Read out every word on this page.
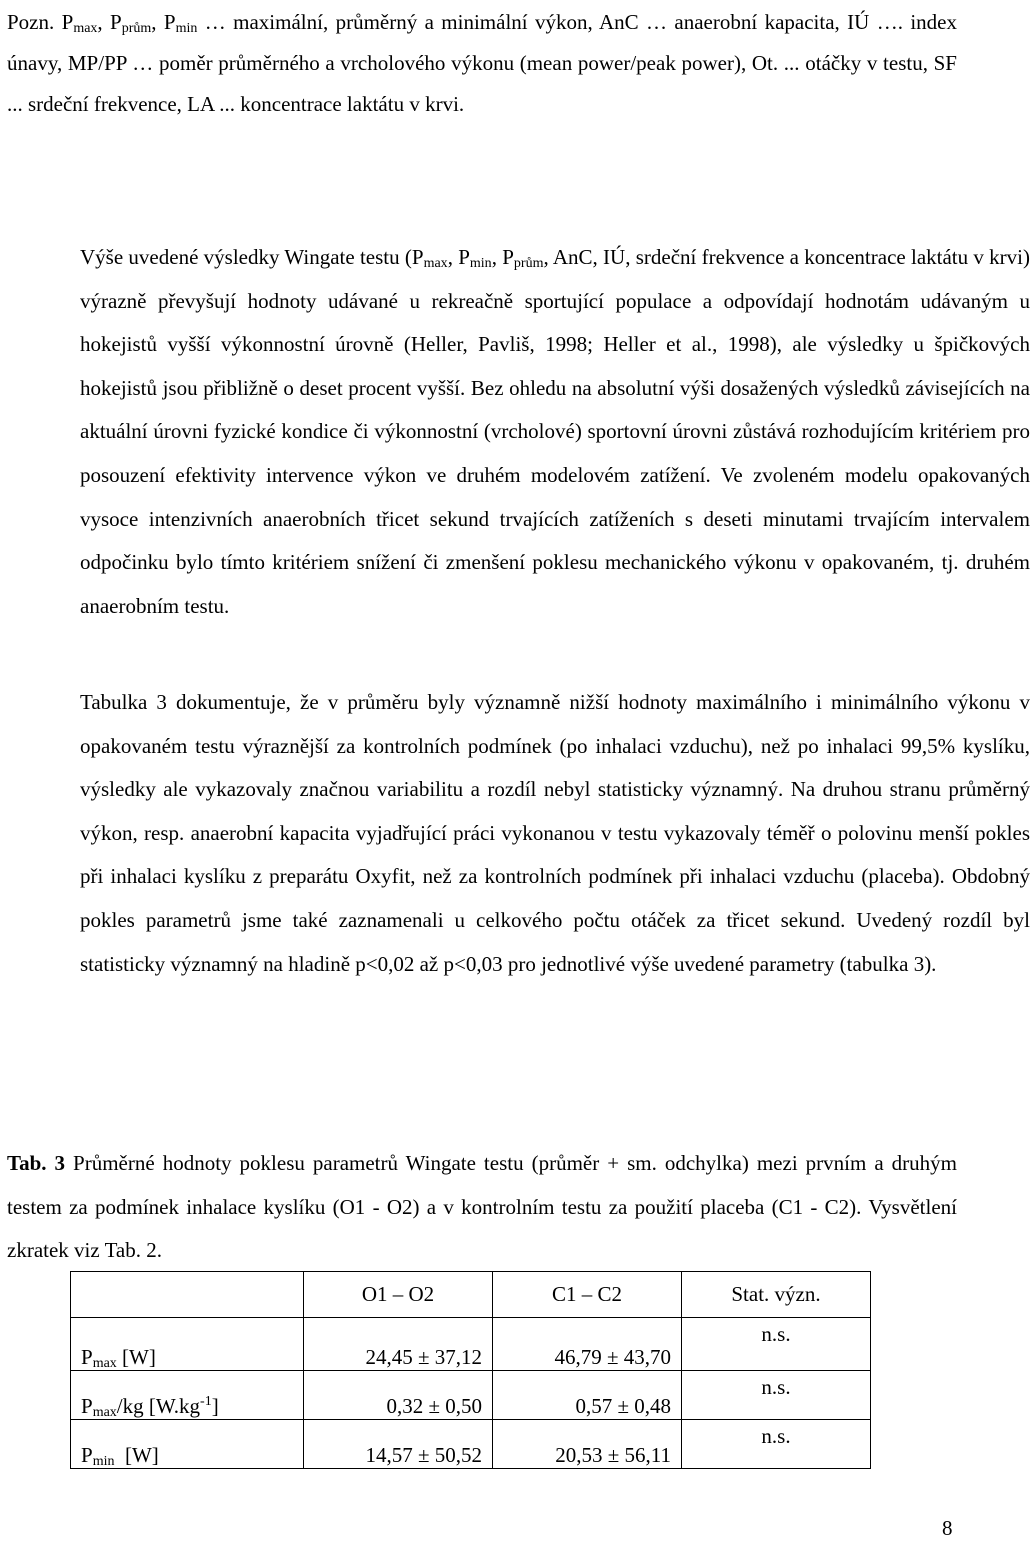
Pozn. $P_{max}$, $P_{prům}$, $P_{min}$ … maximální, průměrný a minimální výkon, AnC … anaerobní kapacita, IÚ …. index únavy, MP/PP … poměr průměrného a vrcholového výkonu (mean power/peak power), Ot. ... otáčky v testu, SF ... srdeční frekvence, LA ... koncentrace laktátu v krvi.

Výše uvedené výsledky Wingate testu ($P_{max}$, $P_{min}$, $P_{prům}$, AnC, IÚ, srdeční frekvence a koncentrace laktátu v krvi) výrazně převyšují hodnoty udávané u rekreačně sportující populace a odpovídají hodnotám udávaným u hokejistů vyšší výkonnostní úrovně (Heller, Pavliš, 1998; Heller et al., 1998), ale výsledky u špičkových hokejistů jsou přibližně o deset procent vyšší. Bez ohledu na absolutní výši dosažených výsledků závisejících na aktuální úrovni fyzické kondice či výkonnostní (vrcholové) sportovní úrovni zůstává rozhodujícím kritériem pro posouzení efektivity intervence výkon ve druhém modelovém zatížení. Ve zvoleném modelu opakovaných vysoce intenzivních anaerobních třicet sekund trvajících zatíženích s deseti minutami trvajícím intervalem odpočinku bylo tímto kritériem snížení či zmenšení poklesu mechanického výkonu v opakovaném, tj. druhém anaerobním testu.

Tabulka 3 dokumentuje, že v průměru byly významně nižší hodnoty maximálního i minimálního výkonu v opakovaném testu výraznější za kontrolních podmínek (po inhalaci vzduchu), než po inhalaci 99,5% kyslíku, výsledky ale vykazovaly značnou variabilitu a rozdíl nebyl statisticky významný. Na druhou stranu průměrný výkon, resp. anaerobní kapacita vyjadřující práci vykonanou v testu vykazovaly téměř o polovinu menší pokles při inhalaci kyslíku z preparátu Oxyfit, než za kontrolních podmínek při inhalaci vzduchu (placeba). Obdobný pokles parametrů jsme také zaznamenali u celkového počtu otáček za třicet sekund. Uvedený rozdíl byl statisticky významný na hladině p<0,02 až p<0,03 pro jednotlivé výše uvedené parametry (tabulka 3).

Tab. 3 Průměrné hodnoty poklesu parametrů Wingate testu (průměr + sm. odchylka) mezi prvním a druhým testem za podmínek inhalace kyslíku (O1 - O2) a v kontrolním testu za použití placeba (C1 - C2). Vysvětlení zkratek viz Tab. 2.

	O1 – O2	C1 – C2	Stat. význ.
$P_{max}$ [W]	24,45 ± 37,12	46,79 ± 43,70	n.s.
$P_{max}/kg$ $[W.kg^{-1}]$	0,32 ± 0,50	0,57 ± 0,48	n.s.
$P_{min}$  [W]	14,57 ± 50,52	20,53 ± 56,11	n.s.
8
